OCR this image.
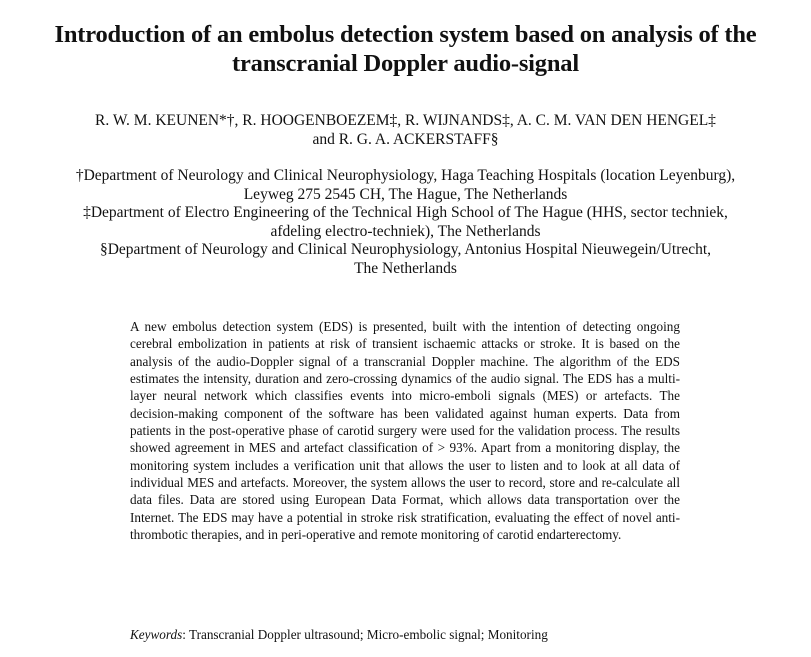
Introduction of an embolus detection system based on analysis of the
transcranial Doppler audio-signal
R. W. M. KEUNEN*†, R. HOOGENBOEZEM‡, R. WIJNANDS‡, A. C. M. VAN DEN HENGEL‡
and R. G. A. ACKERSTAFF§
†Department of Neurology and Clinical Neurophysiology, Haga Teaching Hospitals (location Leyenburg),
Leyweg 275 2545 CH, The Hague, The Netherlands
‡Department of Electro Engineering of the Technical High School of The Hague (HHS, sector techniek,
afdeling electro-techniek), The Netherlands
§Department of Neurology and Clinical Neurophysiology, Antonius Hospital Nieuwegein/Utrecht,
The Netherlands

A new embolus detection system (EDS) is presented, built with the intention of detecting ongoing cerebral embolization in patients at risk of transient ischaemic attacks or stroke. It is based on the analysis of the audio-Doppler signal of a transcranial Doppler machine. The algorithm of the EDS estimates the intensity, duration and zero-crossing dynamics of the audio signal. The EDS has a multi-layer neural network which classifies events into micro-emboli signals (MES) or artefacts. The decision-making component of the software has been validated against human experts. Data from patients in the post-operative phase of carotid surgery were used for the validation process. The results showed agreement in MES and artefact classification of > 93%. Apart from a monitoring display, the monitoring system includes a verification unit that allows the user to listen and to look at all data of individual MES and artefacts. Moreover, the system allows the user to record, store and re-calculate all data files. Data are stored using European Data Format, which allows data transportation over the Internet. The EDS may have a potential in stroke risk stratification, evaluating the effect of novel anti-thrombotic therapies, and in peri-operative and remote monitoring of carotid endarterectomy.

Keywords: Transcranial Doppler ultrasound; Micro-embolic signal; Monitoring
